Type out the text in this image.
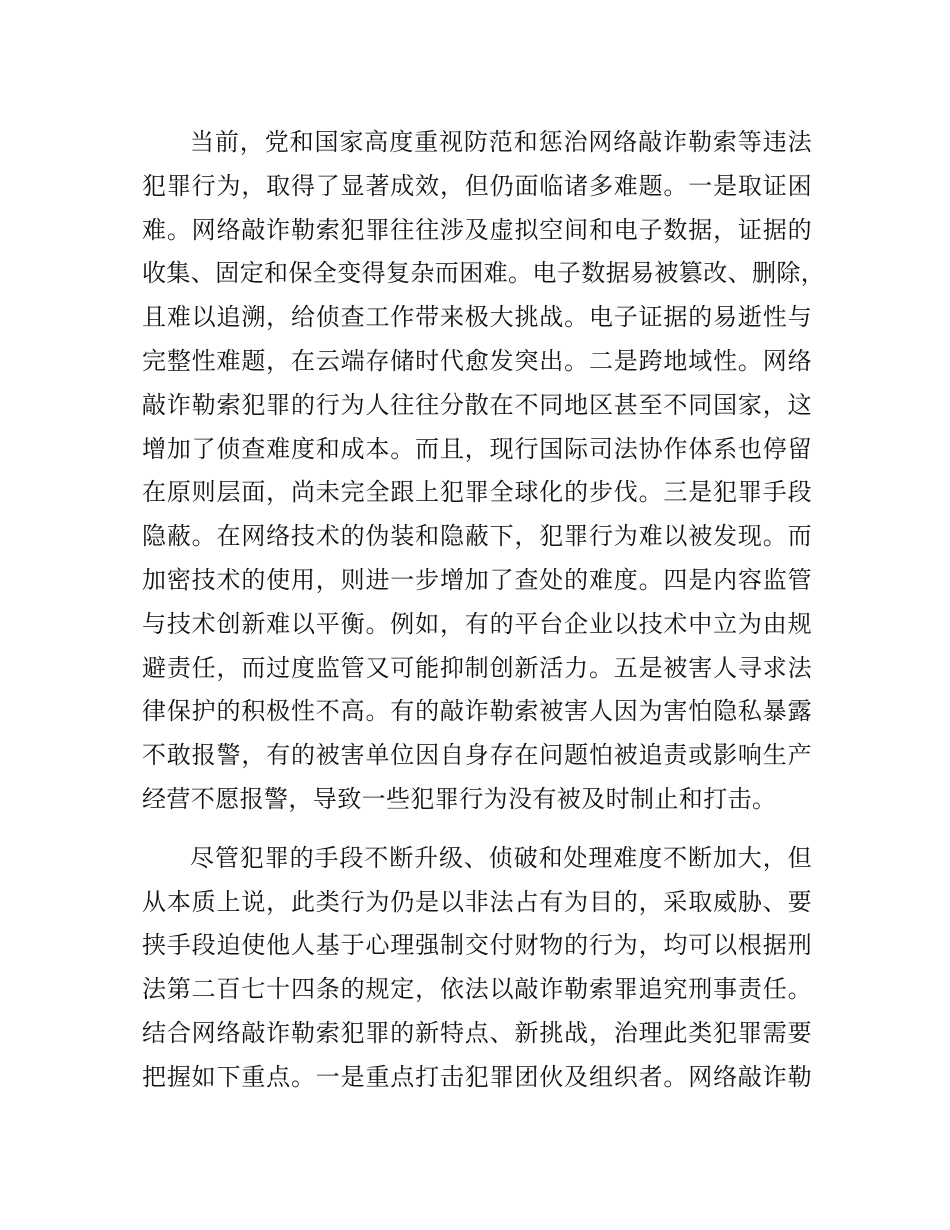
当前，党和国家高度重视防范和惩治网络敲诈勒索等违法
犯罪行为，取得了显著成效，但仍面临诸多难题。一是取证困
难。网络敲诈勒索犯罪往往涉及虚拟空间和电子数据，证据的
收集、固定和保全变得复杂而困难。电子数据易被篡改、删除，
且难以追溯，给侦查工作带来极大挑战。电子证据的易逝性与
完整性难题，在云端存储时代愈发突出。二是跨地域性。网络
敲诈勒索犯罪的行为人往往分散在不同地区甚至不同国家，这
增加了侦查难度和成本。而且，现行国际司法协作体系也停留
在原则层面，尚未完全跟上犯罪全球化的步伐。三是犯罪手段
隐蔽。在网络技术的伪装和隐蔽下，犯罪行为难以被发现。而
加密技术的使用，则进一步增加了查处的难度。四是内容监管
与技术创新难以平衡。例如，有的平台企业以技术中立为由规
避责任，而过度监管又可能抑制创新活力。五是被害人寻求法
律保护的积极性不高。有的敲诈勒索被害人因为害怕隐私暴露
不敢报警，有的被害单位因自身存在问题怕被追责或影响生产
经营不愿报警，导致一些犯罪行为没有被及时制止和打击。

尽管犯罪的手段不断升级、侦破和处理难度不断加大，但
从本质上说，此类行为仍是以非法占有为目的，采取威胁、要
挟手段迫使他人基于心理强制交付财物的行为，均可以根据刑
法第二百七十四条的规定，依法以敲诈勒索罪追究刑事责任。
结合网络敲诈勒索犯罪的新特点、新挑战，治理此类犯罪需要
把握如下重点。一是重点打击犯罪团伙及组织者。网络敲诈勒
